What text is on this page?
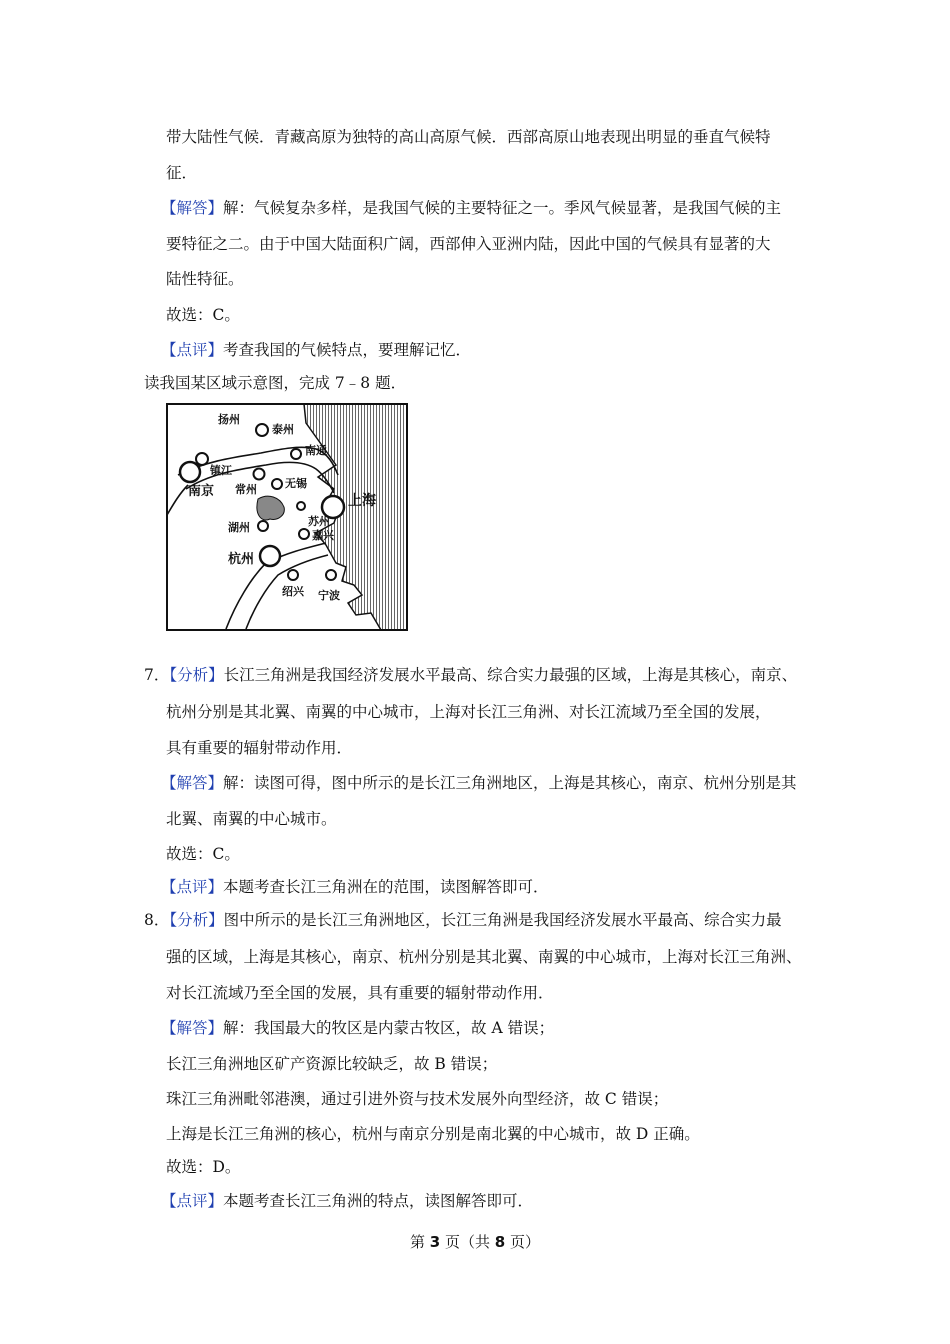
带大陆性气候．青藏高原为独特的高山高原气候．西部高原山地表现出明显的垂直气候特
征．
【解答】解：气候复杂多样，是我国气候的主要特征之一。季风气候显著，是我国气候的主
要特征之二。由于中国大陆面积广阔，西部伸入亚洲内陆，因此中国的气候具有显著的大
陆性特征。
故选：C。
【点评】考查我国的气候特点，要理解记忆．
读我国某区域示意图，完成 7﹣8 题．
扬州
泰州
南通
镇江
南京 常州	无锡
上海
苏州
湖州
嘉兴
杭州
绍兴 宁波
7．【分析】长江三角洲是我国经济发展水平最高、综合实力最强的区域，上海是其核心，南京、
杭州分别是其北翼、南翼的中心城市，上海对长江三角洲、对长江流域乃至全国的发展，
具有重要的辐射带动作用．
【解答】解：读图可得，图中所示的是长江三角洲地区，上海是其核心，南京、杭州分别是其
北翼、南翼的中心城市。
故选：C。
【点评】本题考查长江三角洲在的范围，读图解答即可．
8．【分析】图中所示的是长江三角洲地区，长江三角洲是我国经济发展水平最高、综合实力最
强的区域，上海是其核心，南京、杭州分别是其北翼、南翼的中心城市，上海对长江三角洲、
对长江流域乃至全国的发展，具有重要的辐射带动作用．
【解答】解：我国最大的牧区是内蒙古牧区，故 A 错误；
长江三角洲地区矿产资源比较缺乏，故 B 错误；
珠江三角洲毗邻港澳，通过引进外资与技术发展外向型经济，故 C 错误；
上海是长江三角洲的核心，杭州与南京分别是南北翼的中心城市，故 D 正确。
故选：D。
【点评】本题考查长江三角洲的特点，读图解答即可．
第 3 页（共 8 页）
